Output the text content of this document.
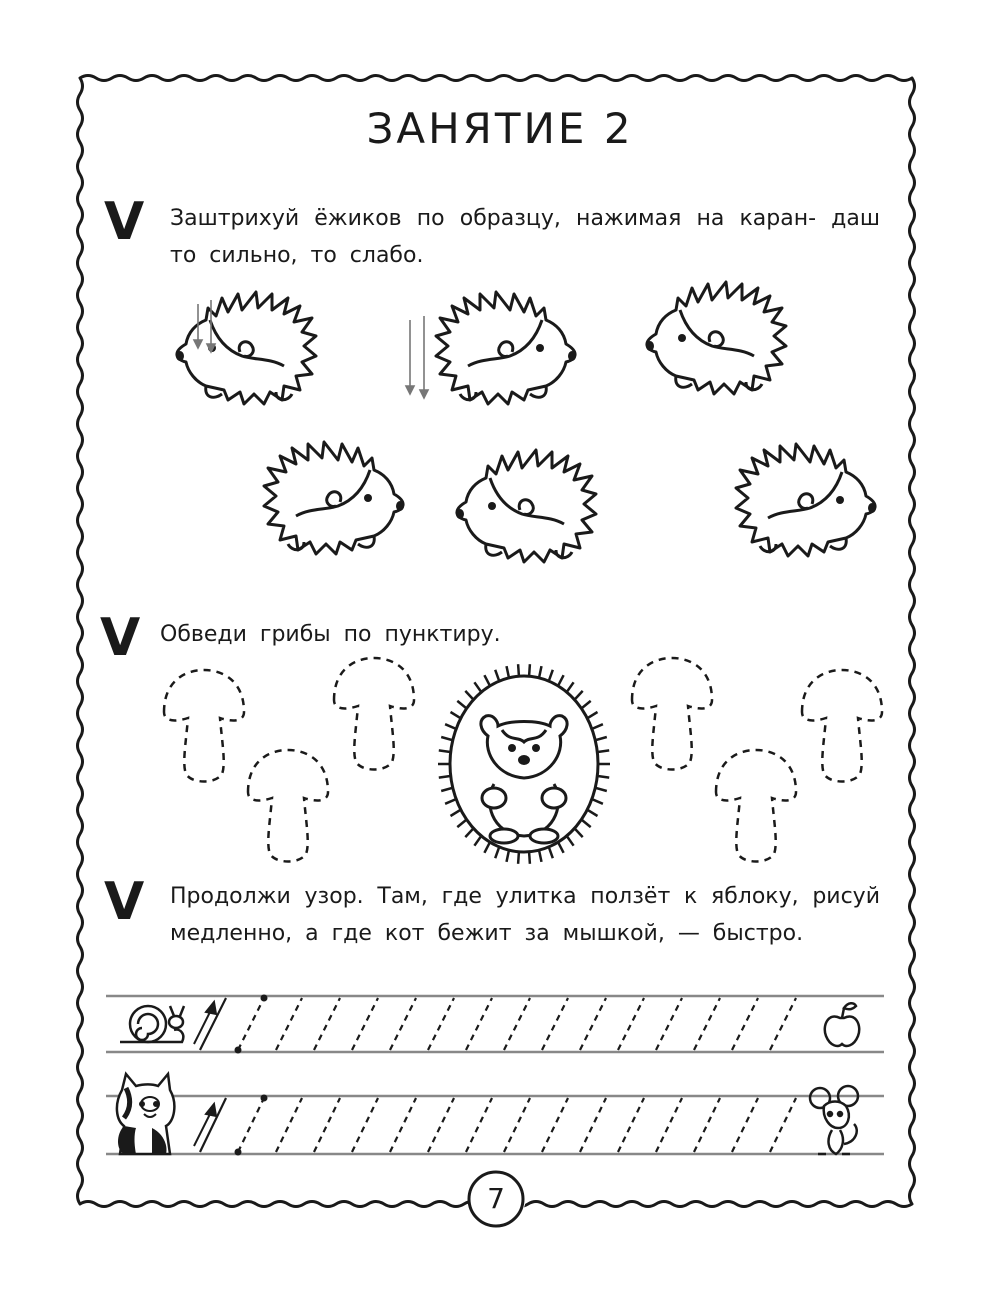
ЗАНЯТИЕ 2
V Заштрихуй ёжиков по образцу, нажимая на каран- даш то сильно, то слабо.
V Обведи грибы по пунктиру.
V Продолжи узор. Там, где улитка ползёт к яблоку, рисуй медленно, а где кот бежит за мышкой, — быстро.
7
